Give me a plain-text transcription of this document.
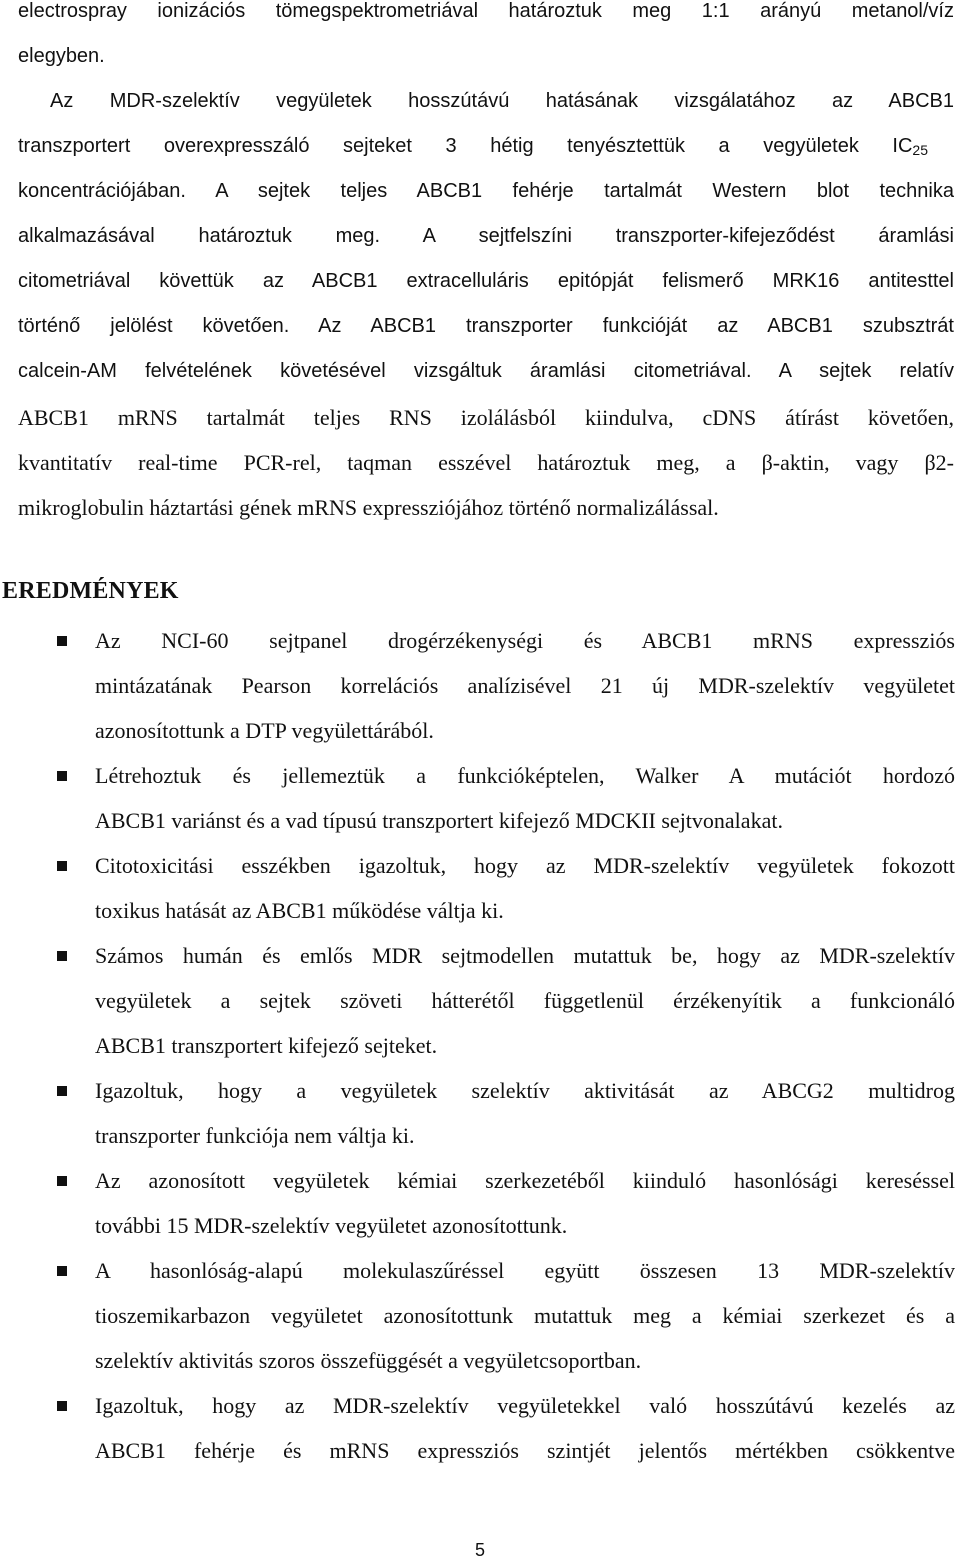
electrospray ionizációs tömegspektrometriával határoztuk meg 1:1 arányú metanol/víz
elegyben.
Az MDR-szelektív vegyületek hosszútávú hatásának vizsgálatához az ABCB1
transzportert overexpresszáló sejteket 3 hétig tenyésztettük a vegyületek $IC_{25}$
koncentrációjában. A sejtek teljes ABCB1 fehérje tartalmát Western blot technika
alkalmazásával határoztuk meg. A sejtfelszíni transzporter-kifejeződést áramlási
citometriával követtük az ABCB1 extracelluláris epitópját felismerő MRK16 antitesttel
történő jelölést követően. Az ABCB1 transzporter funkcióját az ABCB1 szubsztrát
calcein-AM felvételének követésével vizsgáltuk áramlási citometriával. A sejtek relatív
ABCB1 mRNS tartalmát teljes RNS izolálásból kiindulva, cDNS átírást követően,
kvantitatív real-time PCR-rel, taqman esszével határoztuk meg, a β-aktin, vagy β2-
mikroglobulin háztartási gének mRNS expressziójához történő normalizálással.
EREDMÉNYEK
Az NCI-60 sejtpanel drogérzékenységi és ABCB1 mRNS expressziós
mintázatának Pearson korrelációs analízisével 21 új MDR-szelektív vegyületet
azonosítottunk a DTP vegyülettárából.
Létrehoztuk és jellemeztük a funkcióképtelen, Walker A mutációt hordozó
ABCB1 variánst és a vad típusú transzportert kifejező MDCKII sejtvonalakat.
Citotoxicitási esszékben igazoltuk, hogy az MDR-szelektív vegyületek fokozott
toxikus hatását az ABCB1 működése váltja ki.
Számos humán és emlős MDR sejtmodellen mutattuk be, hogy az MDR-szelektív
vegyületek a sejtek szöveti hátterétől függetlenül érzékenyítik a funkcionáló
ABCB1 transzportert kifejező sejteket.
Igazoltuk, hogy a vegyületek szelektív aktivitását az ABCG2 multidrog
transzporter funkciója nem váltja ki.
Az azonosított vegyületek kémiai szerkezetéből kiinduló hasonlósági kereséssel
további 15 MDR-szelektív vegyületet azonosítottunk.
A hasonlóság-alapú molekulaszűréssel együtt összesen 13 MDR-szelektív
tioszemikarbazon vegyületet azonosítottunk mutattuk meg a kémiai szerkezet és a
szelektív aktivitás szoros összefüggését a vegyületcsoportban.
Igazoltuk, hogy az MDR-szelektív vegyületekkel való hosszútávú kezelés az
ABCB1 fehérje és mRNS expressziós szintjét jelentős mértékben csökkentve
5
